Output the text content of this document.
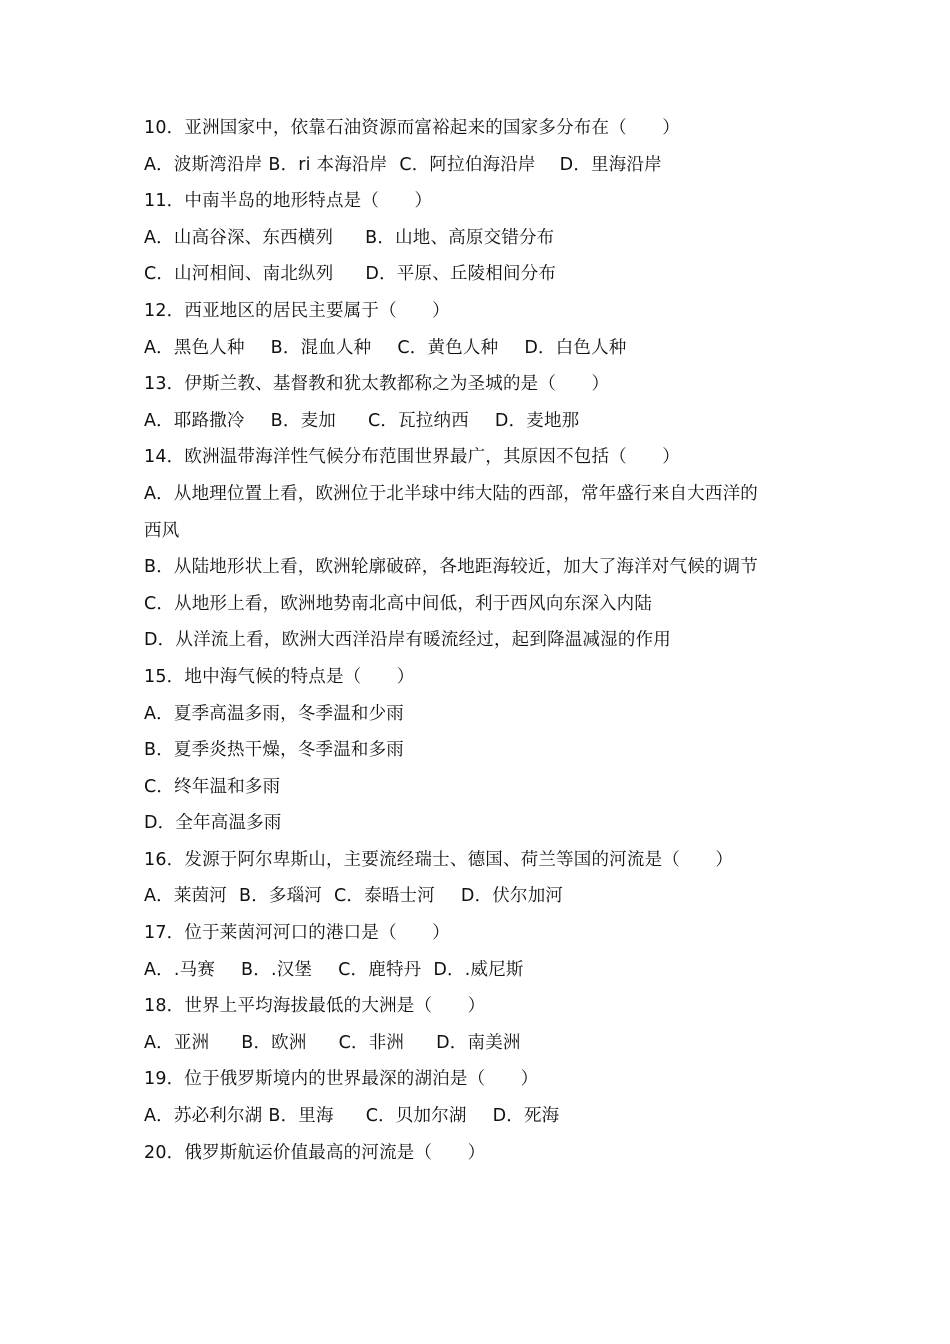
10．亚洲国家中，依靠石油资源而富裕起来的国家多分布在（　　）
A．波斯湾沿岸 B．ri 本海沿岸 C．阿拉伯海沿岸 D．里海沿岸
11．中南半岛的地形特点是（　　）
A．山高谷深、东西横列 B．山地、高原交错分布
C．山河相间、南北纵列 D．平原、丘陵相间分布
12．西亚地区的居民主要属于（　　）
A．黑色人种 B．混血人种 C．黄色人种 D．白色人种
13．伊斯兰教、基督教和犹太教都称之为圣城的是（　　）
A．耶路撒冷 B．麦加 C．瓦拉纳西 D．麦地那
14．欧洲温带海洋性气候分布范围世界最广，其原因不包括（　　）
A．从地理位置上看，欧洲位于北半球中纬大陆的西部，常年盛行来自大西洋的
西风
B．从陆地形状上看，欧洲轮廓破碎，各地距海较近，加大了海洋对气候的调节
C．从地形上看，欧洲地势南北高中间低，利于西风向东深入内陆
D．从洋流上看，欧洲大西洋沿岸有暖流经过，起到降温减湿的作用
15．地中海气候的特点是（　　）
A．夏季高温多雨，冬季温和少雨
B．夏季炎热干燥，冬季温和多雨
C．终年温和多雨
D．全年高温多雨
16．发源于阿尔卑斯山，主要流经瑞士、德国、荷兰等国的河流是（　　）
A．莱茵河 B．多瑙河 C．泰晤士河 D．伏尔加河
17．位于莱茵河河口的港口是（　　）
A．.马赛 B．.汉堡 C．鹿特丹 D．.威尼斯
18．世界上平均海拔最低的大洲是（　　）
A．亚洲 B．欧洲 C．非洲 D．南美洲
19．位于俄罗斯境内的世界最深的湖泊是（　　）
A．苏必利尔湖 B．里海 C．贝加尔湖 D．死海
20．俄罗斯航运价值最高的河流是（　　）
